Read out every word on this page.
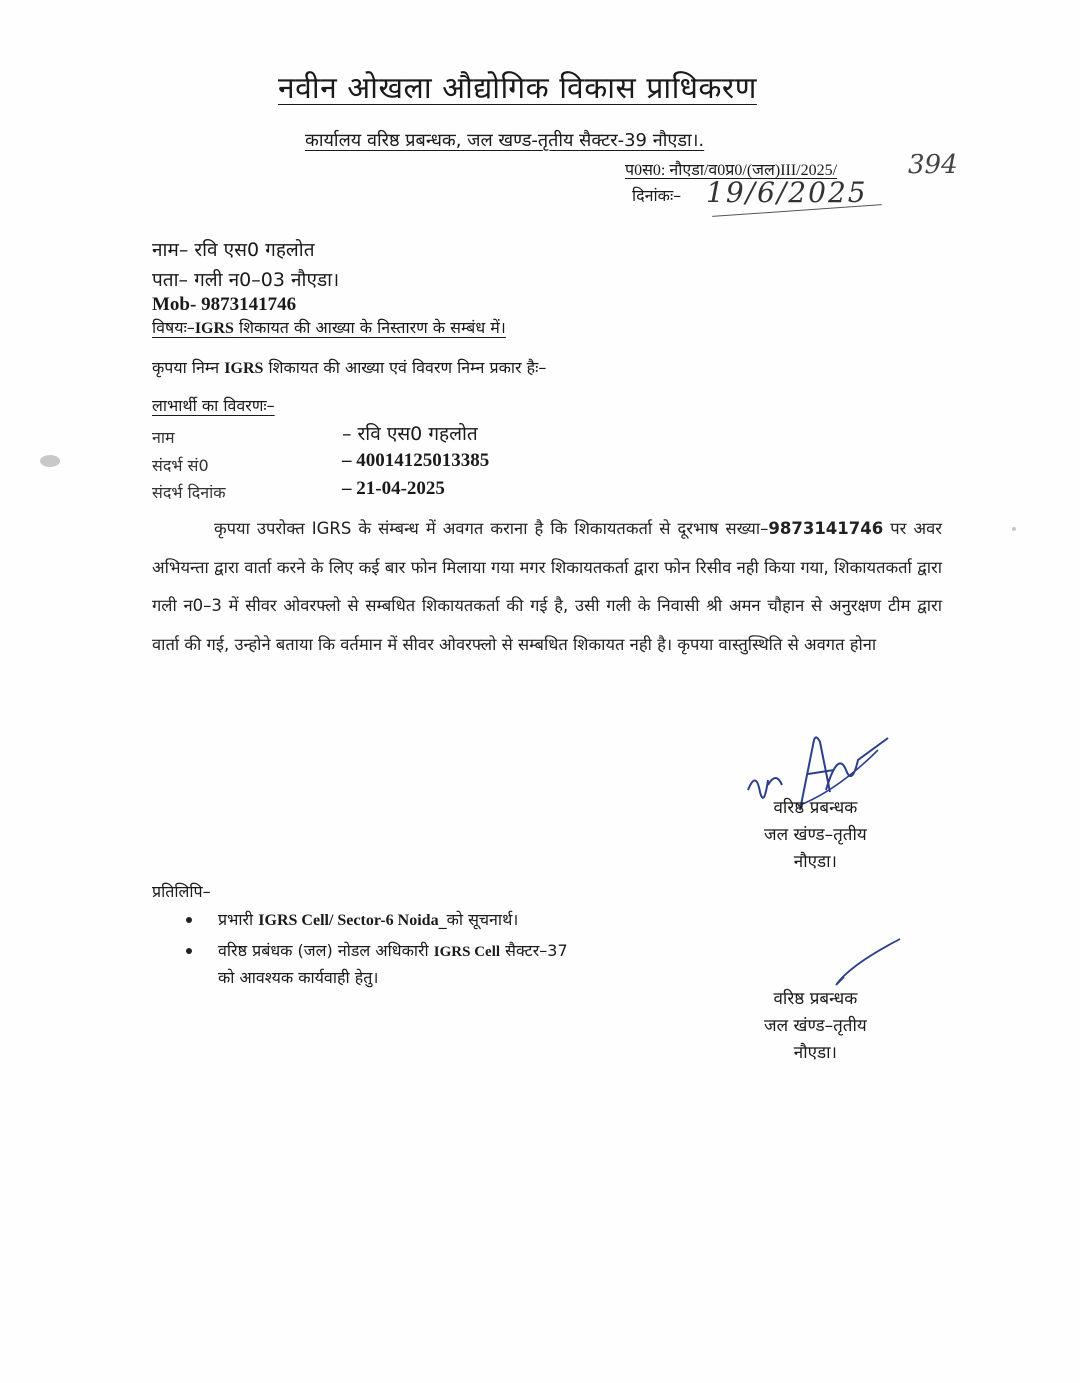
नवीन ओखला औद्योगिक विकास प्राधिकरण
कार्यालय वरिष्ठ प्रबन्धक, जल खण्ड-तृतीय सैक्टर-39 नौएडा।.
प0स0: नौएडा/व0प्र0/(जल)III/2025/	394
दिनांकः– 19/6/2025
नाम– रवि एस0 गहलोत
पता– गली न0–03 नौएडा।
Mob- 9873141746
विषयः–IGRS शिकायत की आख्या के निस्तारण के सम्बंध में।
कृपया निम्न IGRS शिकायत की आख्या एवं विवरण निम्न प्रकार हैः–
लाभार्थी का विवरणः–
नाम	– रवि एस0 गहलोत
संदर्भ सं0	– 40014125013385
संदर्भ दिनांक	– 21-04-2025
कृपया उपरोक्त IGRS के संम्बन्ध में अवगत कराना है कि शिकायतकर्ता से दूरभाष सख्या–9873141746 पर अवर अभियन्ता द्वारा वार्ता करने के लिए कई बार फोन मिलाया गया मगर शिकायतकर्ता द्वारा फोन रिसीव नही किया गया, शिकायतकर्ता द्वारा गली न0–3 में सीवर ओवरफ्लो से सम्बधित शिकायतकर्ता की गई है, उसी गली के निवासी श्री अमन चौहान से अनुरक्षण टीम द्वारा वार्ता की गई, उन्होने बताया कि वर्तमान में सीवर ओवरफ्लो से सम्बधित शिकायत नही है। कृपया वास्तुस्थिति से अवगत होना
वरिष्ठ प्रबन्धक
जल खंण्ड–तृतीय
नौएडा।
प्रतिलिपि–
प्रभारी IGRS Cell/ Sector-6 Noida_को सूचनार्थ।
वरिष्ठ प्रबंधक (जल) नोडल अधिकारी IGRS Cell सैक्टर–37
को आवश्यक कार्यवाही हेतु।
वरिष्ठ प्रबन्धक
जल खंण्ड–तृतीय
नौएडा।
